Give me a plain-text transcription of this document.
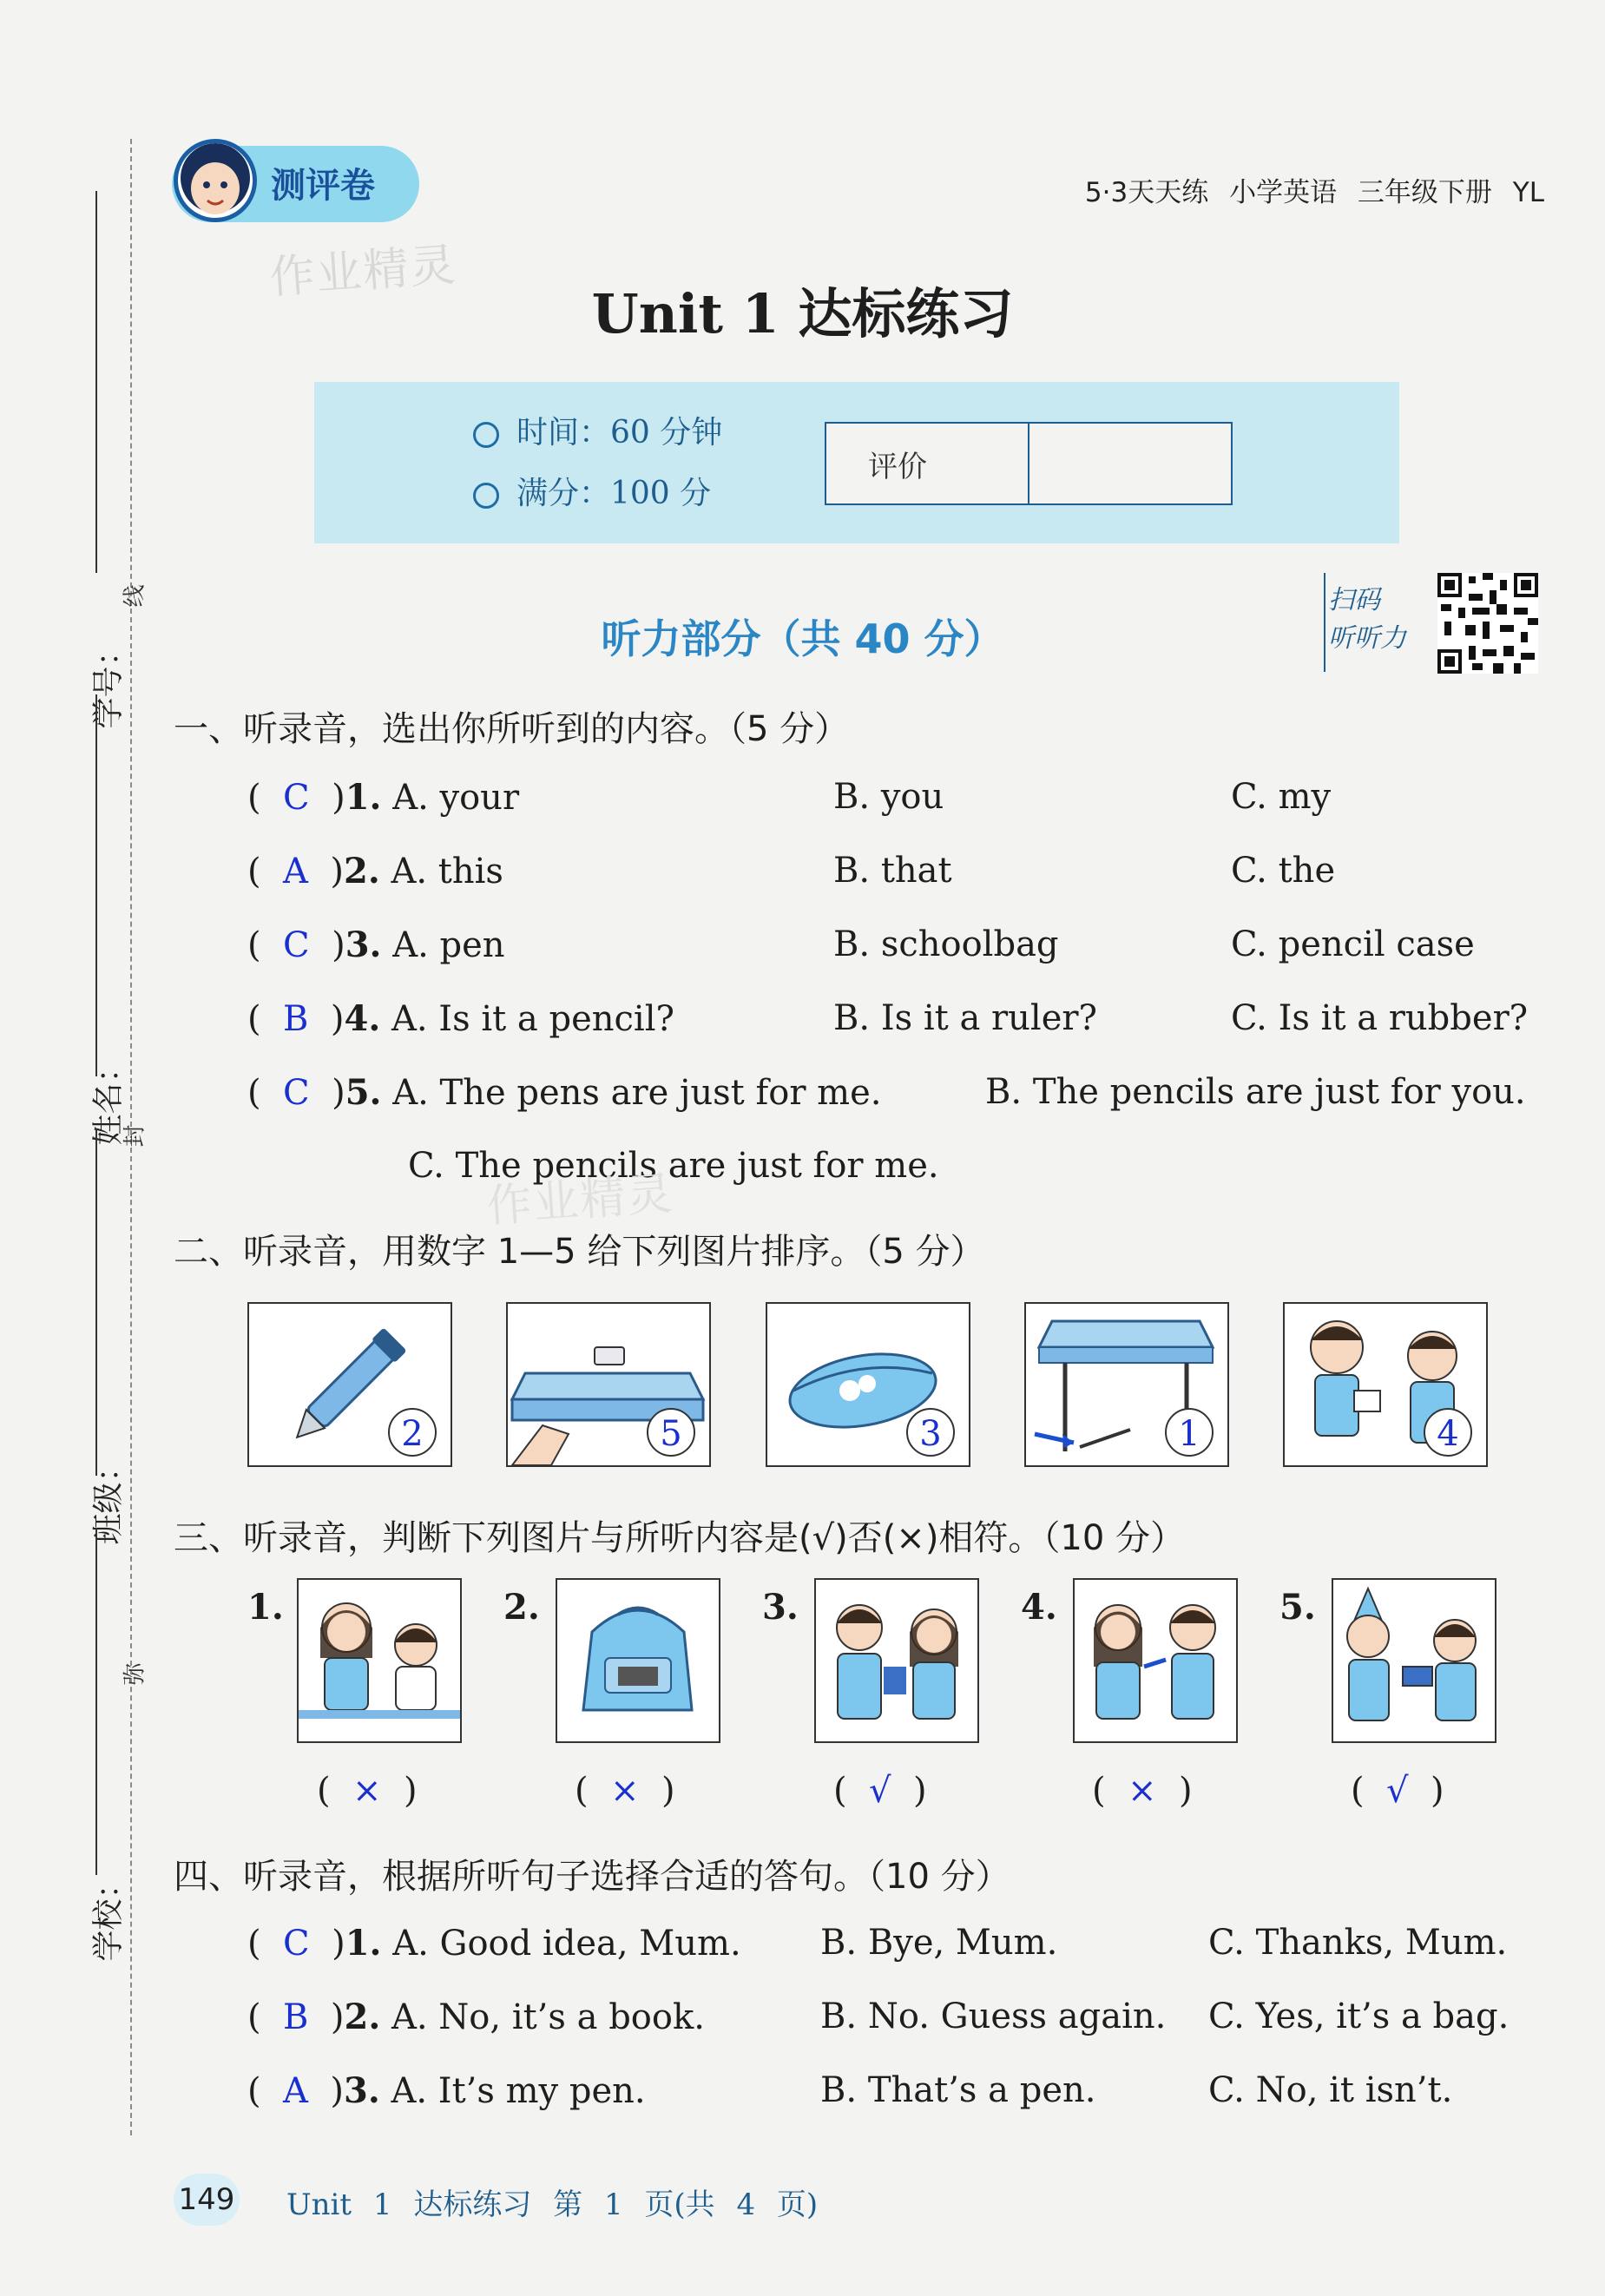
学号：
姓名：
班级：
学校：
线
封
弥
测评卷
作业精灵
5·3天天练 小学英语 三年级下册 YL
Unit 1 达标练习
时间：60 分钟
满分：100 分
评价
听力部分（共 40 分）
扫码
听听力
一、听录音，选出你所听到的内容。（5 分）
( C )1. A. your	B. you	C. my
( A )2. A. this	B. that	C. the
( C )3. A. pen	B. schoolbag	C. pencil case
( B )4. A. Is it a pencil?	B. Is it a ruler?	C. Is it a rubber?
( C )5. A. The pens are just for me.	B. The pencils are just for you.
C. The pencils are just for me.
作业精灵
二、听录音，用数字 1—5 给下列图片排序。（5 分）
2	5	3	1	4
三、听录音，判断下列图片与所听内容是(√)否(×)相符。（10 分）
1.
(  ×  )
2.
(  ×  )
3.
(  √  )
4.
(  ×  )
5.
(  √  )
四、听录音，根据所听句子选择合适的答句。（10 分）
( C )1. A. Good idea, Mum. B. Bye, Mum.	C. Thanks, Mum.
( B )2. A. No, it’s a book.	B. No. Guess again. C. Yes, it’s a bag.
( A )3. A. It’s my pen.	B. That’s a pen.	C. No, it isn’t.
149 Unit 1 达标练习 第 1 页(共 4 页)
